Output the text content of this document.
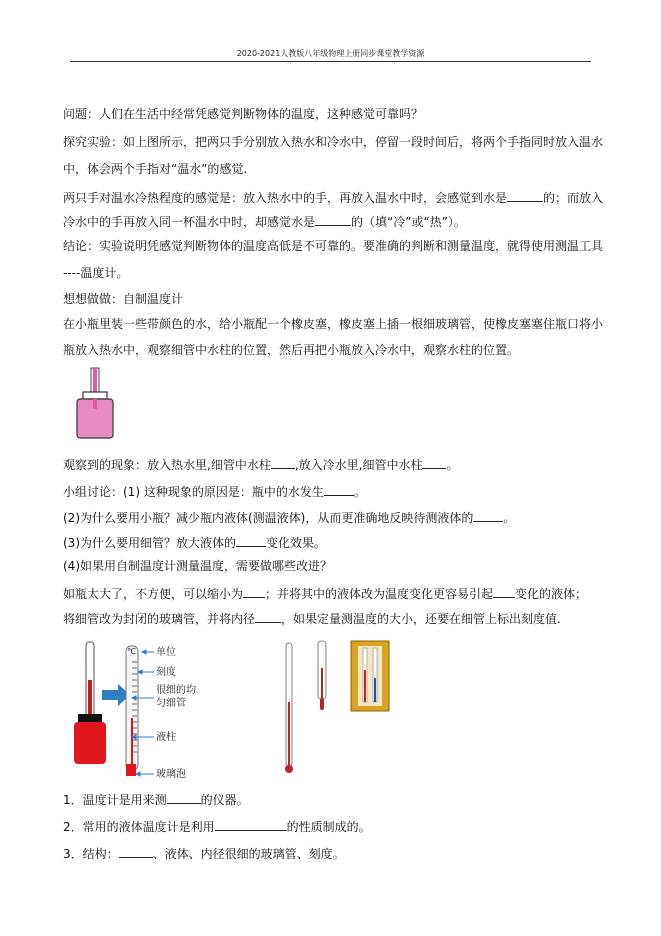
2020-2021人教版八年级物理上册同步课堂教学资源
问题：人们在生活中经常凭感觉判断物体的温度，这种感觉可靠吗？
探究实验：如上图所示，把两只手分别放入热水和冷水中，停留一段时间后，将两个手指同时放入温水
中，体会两个手指对“温水”的感觉.
两只手对温水冷热程度的感觉是：放入热水中的手，再放入温水中时，会感觉到水是	的；而放入
冷水中的手再放入同一杯温水中时，却感觉水是	的（填“冷”或“热”）。
结论：实验说明凭感觉判断物体的温度高低是不可靠的。要准确的判断和测量温度，就得使用测温工具
----温度计。
想想做做：自制温度计
在小瓶里装一些带颜色的水，给小瓶配一个橡皮塞，橡皮塞上插一根细玻璃管，使橡皮塞塞住瓶口将小
瓶放入热水中，观察细管中水柱的位置，然后再把小瓶放入冷水中，观察水柱的位置。
观察到的现象：放入热水里,细管中水柱 ,放入冷水里,细管中水柱 。
小组讨论：(1) 这种现象的原因是：瓶中的水发生	。
(2)为什么要用小瓶？减少瓶内液体(测温液体)，从而更准确地反映待测液体的	。
(3)为什么要用细管？放大液体的	变化效果。
(4)如果用自制温度计测量温度，需要做哪些改进？
如瓶太大了，不方便，可以缩小为 ；并将其中的液体改为温度变化更容易引起 变化的液体；
将细管改为封闭的玻璃管，并将内径 ，如果定量测温度的大小，还要在细管上标出刻度值.
℃ 单位
刻度
很细的均
匀细管
液柱
玻璃泡
1．温度计是用来测	的仪器。
2．常用的液体温度计是利用	的性质制成的。
3．结构：	、液体、内径很细的玻璃管、刻度。
